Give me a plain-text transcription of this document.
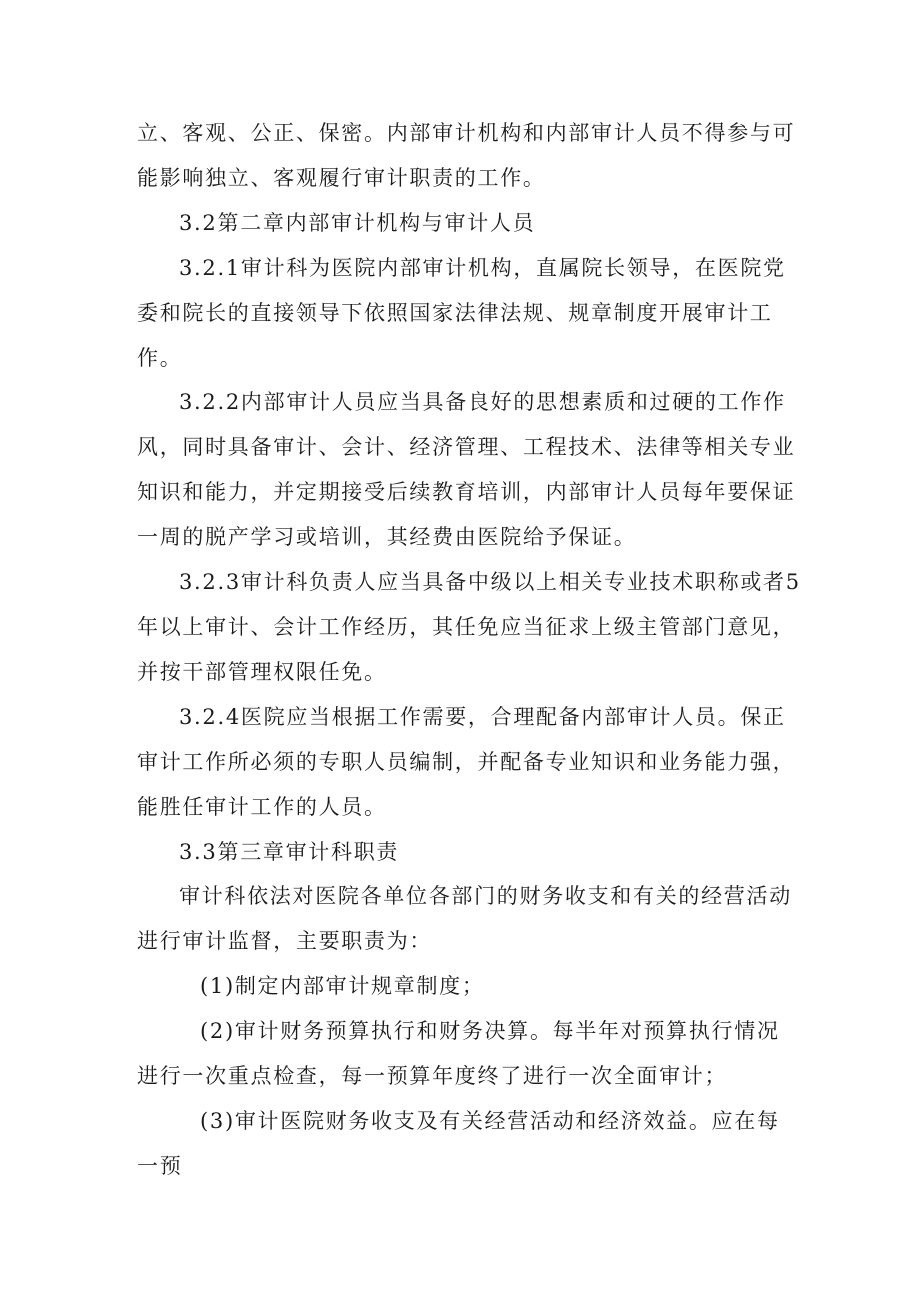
立、客观、公正、保密。内部审计机构和内部审计人员不得参与可能影响独立、客观履行审计职责的工作。

3.2第二章内部审计机构与审计人员

3.2.1审计科为医院内部审计机构，直属院长领导，在医院党委和院长的直接领导下依照国家法律法规、规章制度开展审计工作。

3.2.2内部审计人员应当具备良好的思想素质和过硬的工作作风，同时具备审计、会计、经济管理、工程技术、法律等相关专业知识和能力，并定期接受后续教育培训，内部审计人员每年要保证一周的脱产学习或培训，其经费由医院给予保证。

3.2.3审计科负责人应当具备中级以上相关专业技术职称或者5年以上审计、会计工作经历，其任免应当征求上级主管部门意见，并按干部管理权限任免。

3.2.4医院应当根据工作需要，合理配备内部审计人员。保正审计工作所必须的专职人员编制，并配备专业知识和业务能力强，能胜任审计工作的人员。

3.3第三章审计科职责

审计科依法对医院各单位各部门的财务收支和有关的经营活动进行审计监督，主要职责为：

(1)制定内部审计规章制度；

(2)审计财务预算执行和财务决算。每半年对预算执行情况进行一次重点检查，每一预算年度终了进行一次全面审计；

(3)审计医院财务收支及有关经营活动和经济效益。应在每一预
